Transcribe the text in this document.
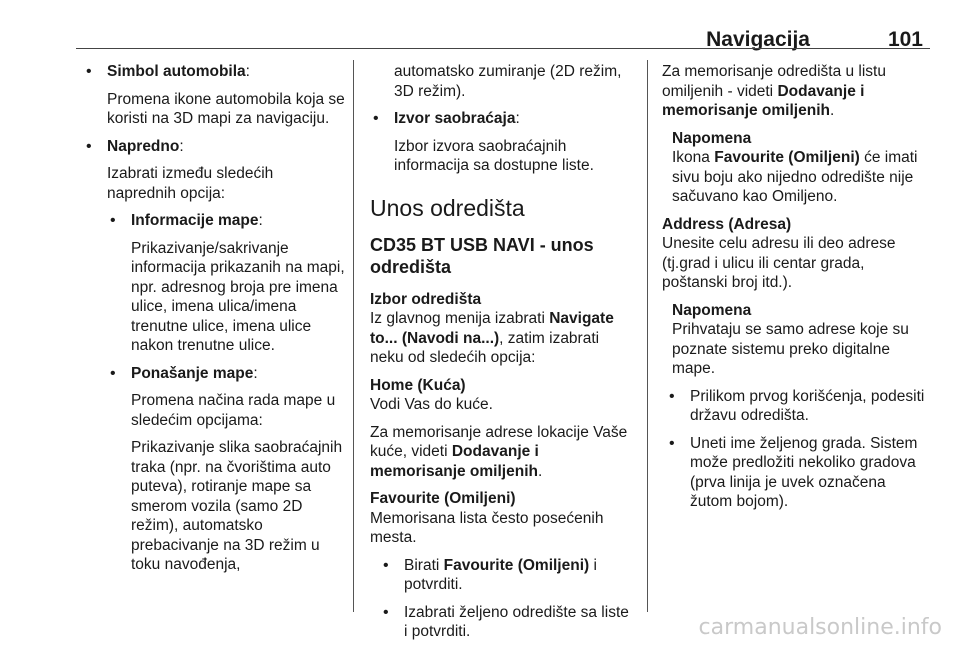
Navigacija	101

• Simbol automobila:

Promena ikone automobila koja se koristi na 3D mapi za navigaciju.

• Napredno:

Izabrati između sledećih naprednih opcija:

• Informacije mape:

Prikazivanje/sakrivanje informacija prikazanih na mapi, npr. adresnog broja pre imena ulice, imena ulica/imena trenutne ulice, imena ulice nakon trenutne ulice.

• Ponašanje mape:

Promena načina rada mape u sledećim opcijama:

Prikazivanje slika saobraćajnih traka (npr. na čvorištima auto puteva), rotiranje mape sa smerom vozila (samo 2D režim), automatsko prebacivanje na 3D režim u toku navođenja,

automatsko zumiranje (2D režim, 3D režim).

• Izvor saobraćaja:

Izbor izvora saobraćajnih informacija sa dostupne liste.

Unos odredišta
CD35 BT USB NAVI - unos odredišta
Izbor odredišta

Iz glavnog menija izabrati Navigate to... (Navodi na...), zatim izabrati neku od sledećih opcija:

Home (Kuća)

Vodi Vas do kuće.

Za memorisanje adrese lokacije Vaše kuće, videti Dodavanje i memorisanje omiljenih.

Favourite (Omiljeni)

Memorisana lista često posećenih mesta.

• Birati Favourite (Omiljeni) i potvrditi.

• Izabrati željeno odredište sa liste i potvrditi.

Za memorisanje odredišta u listu omiljenih - videti Dodavanje i memorisanje omiljenih.

Napomena

Ikona Favourite (Omiljeni) će imati sivu boju ako nijedno odredište nije sačuvano kao Omiljeno.

Address (Adresa)

Unesite celu adresu ili deo adrese (tj.grad i ulicu ili centar grada, poštanski broj itd.).

Napomena

Prihvataju se samo adrese koje su poznate sistemu preko digitalne mape.

• Prilikom prvog korišćenja, podesiti državu odredišta.

• Uneti ime željenog grada. Sistem može predložiti nekoliko gradova (prva linija je uvek označena žutom bojom).

carmanualsonline.info
